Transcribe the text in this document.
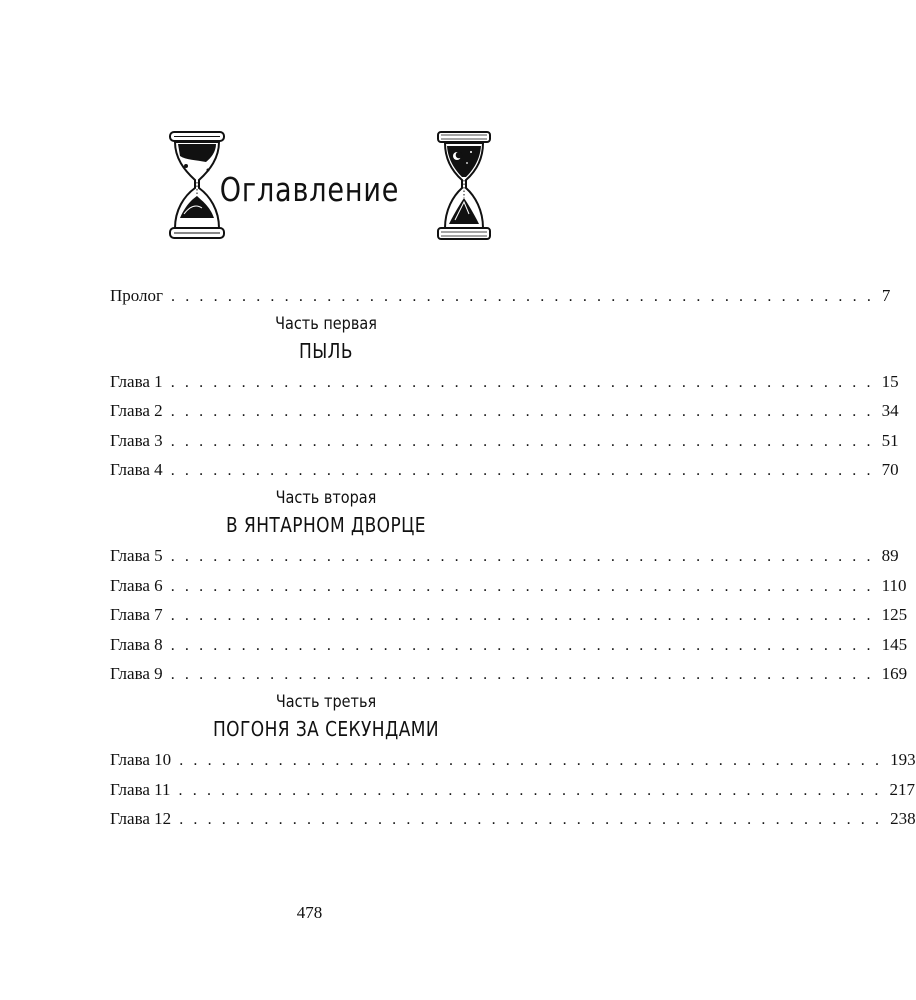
Оглавление
Пролог . . . . . . . . . . . . . . . . . . . . . . . . . . . . . . . . . . . . . . . . . . . . . . . . . . 7
Часть первая
ПЫЛЬ
Глава 1 . . . . . . . . . . . . . . . . . . . . . . . . . . . . . . . . . . . . . . . . . . . . . . . . . . 15
Глава 2 . . . . . . . . . . . . . . . . . . . . . . . . . . . . . . . . . . . . . . . . . . . . . . . . . . 34
Глава 3 . . . . . . . . . . . . . . . . . . . . . . . . . . . . . . . . . . . . . . . . . . . . . . . . . . 51
Глава 4 . . . . . . . . . . . . . . . . . . . . . . . . . . . . . . . . . . . . . . . . . . . . . . . . . . 70
Часть вторая
В ЯНТАРНОМ ДВОРЦЕ
Глава 5 . . . . . . . . . . . . . . . . . . . . . . . . . . . . . . . . . . . . . . . . . . . . . . . . . . 89
Глава 6 . . . . . . . . . . . . . . . . . . . . . . . . . . . . . . . . . . . . . . . . . . . . . . . . . . 110
Глава 7 . . . . . . . . . . . . . . . . . . . . . . . . . . . . . . . . . . . . . . . . . . . . . . . . . . 125
Глава 8 . . . . . . . . . . . . . . . . . . . . . . . . . . . . . . . . . . . . . . . . . . . . . . . . . . 145
Глава 9 . . . . . . . . . . . . . . . . . . . . . . . . . . . . . . . . . . . . . . . . . . . . . . . . . . 169
Часть третья
ПОГОНЯ ЗА СЕКУНДАМИ
Глава 10 . . . . . . . . . . . . . . . . . . . . . . . . . . . . . . . . . . . . . . . . . . . . . . . . . . 193
Глава 11 . . . . . . . . . . . . . . . . . . . . . . . . . . . . . . . . . . . . . . . . . . . . . . . . . . 217
Глава 12 . . . . . . . . . . . . . . . . . . . . . . . . . . . . . . . . . . . . . . . . . . . . . . . . . . 238
478
